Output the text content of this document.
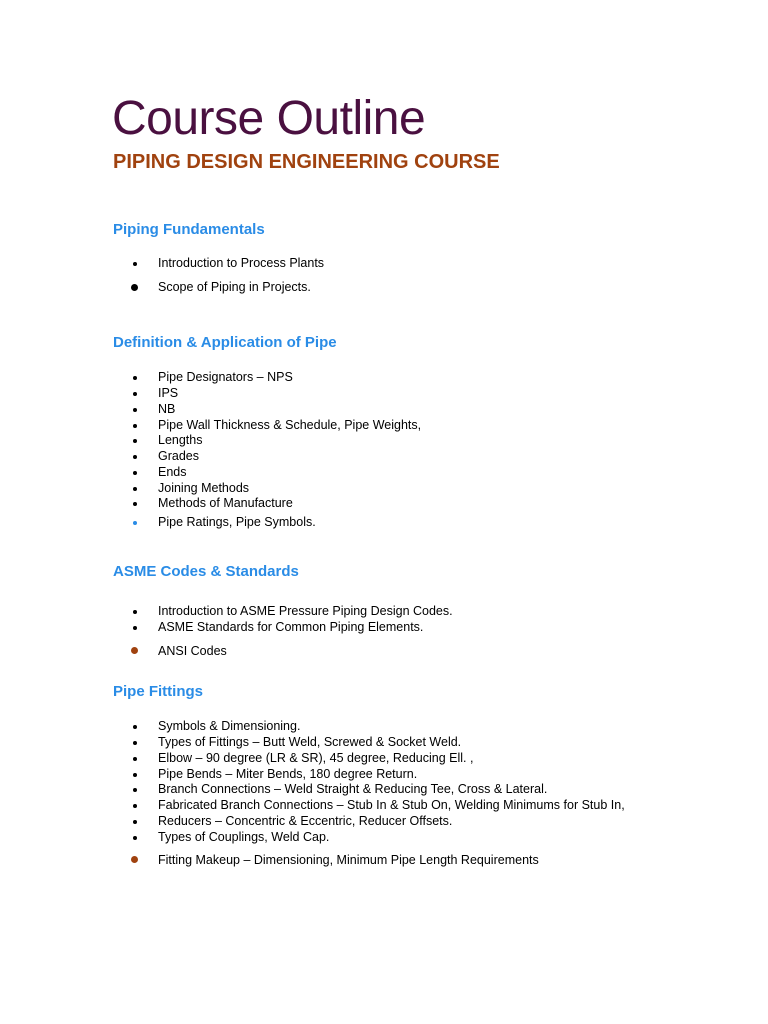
Course Outline
PIPING DESIGN ENGINEERING COURSE
Piping Fundamentals
Introduction to Process Plants
Scope of Piping in Projects.
Definition & Application of Pipe
Pipe Designators – NPS
IPS
NB
Pipe Wall Thickness & Schedule, Pipe Weights,
Lengths
Grades
Ends
Joining Methods
Methods of Manufacture
Pipe Ratings, Pipe Symbols.
ASME Codes & Standards
Introduction to ASME Pressure Piping Design Codes.
ASME Standards for Common Piping Elements.
ANSI Codes
Pipe Fittings
Symbols & Dimensioning.
Types of Fittings – Butt Weld, Screwed & Socket Weld.
Elbow – 90 degree (LR & SR), 45 degree, Reducing Ell. ,
Pipe Bends – Miter Bends, 180 degree Return.
Branch Connections – Weld Straight & Reducing Tee, Cross & Lateral.
Fabricated Branch Connections – Stub In & Stub On, Welding Minimums for Stub In,
Reducers – Concentric & Eccentric, Reducer Offsets.
Types of Couplings, Weld Cap.
Fitting Makeup – Dimensioning, Minimum Pipe Length Requirements
